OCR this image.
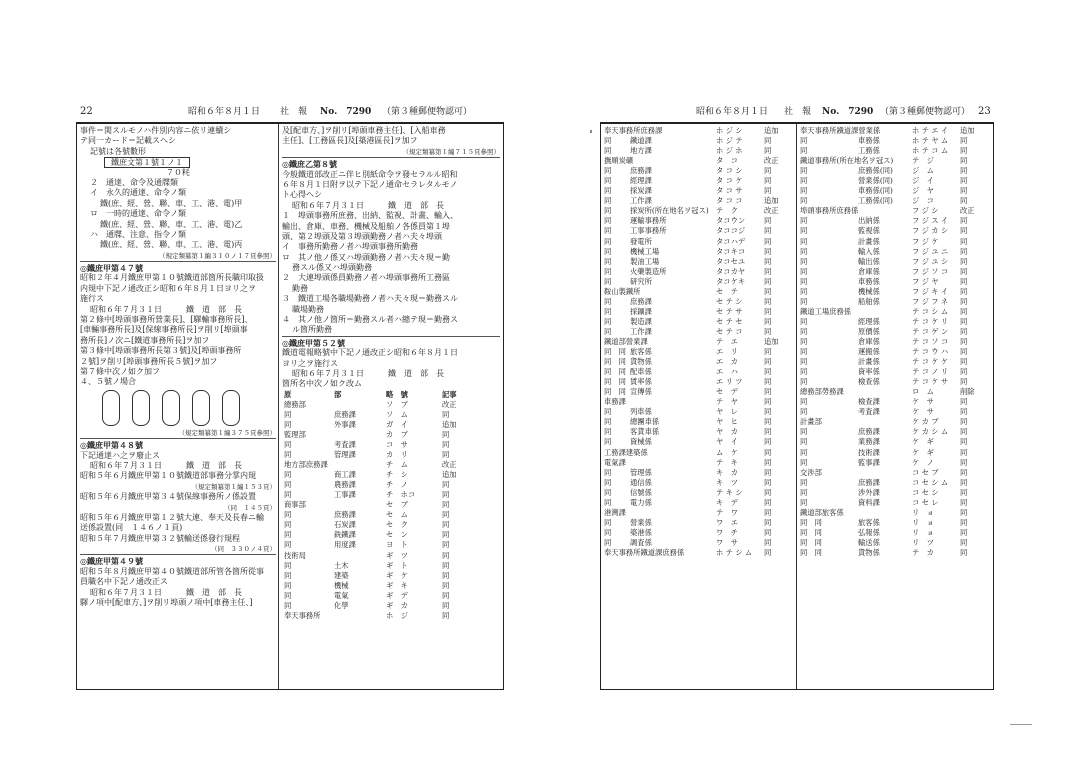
22	昭和６年８月１日 社　報 No.　7290 （第３種郵便物認可）
事件＝関スルモノハ件別内容ニ依リ連續シ
テ同一カード＝記載スヘシ
記號は各號數形
鐵庶文第１號１ノ１
７０粍
２　通達、命令及通牒類
イ　永久的通達、命令ノ類
鐵(庶、經、營、聯、車、工、港、電)甲
ロ　一時的通達、命令ノ類
鐵(庶、經、營、聯、車、工、港、電)乙
ハ　通牒、注意、指令ノ類
鐵(庶、經、營、聯、車、工、港、電)丙
（規定類纂第１編３１０ノ１７頁參照）
◎鐵庶甲第４７號
昭和２年４月鐵庶甲第１０號鐵道部箇所長職印取扱
内規中下記ノ通改正シ昭和６年８月１日ヨリ之ヲ
施行ス
昭和６年７月３１日　　　鐵　道　部　長
第２條中[埠頭事務所營業長]、[驛輸事務所長]、
[車輛事務所長]及[保線事務所長]ヲ削リ[埠頭事
務所長]ノ次ニ[鐵道事務所長]ヲ加フ
第３條中[埠頭事務所長第３號]及[埠頭事務所
２號]ヲ削リ[埠頭事務所長５號]ヲ加フ
第７條中次ノ如ク加フ
４、５號ノ場合
（規定類纂第１編３７５頁參照）
◎鐵庶甲第４８號
下記通達ハ之ヲ廢止ス
昭和６年７月３１日　　　鐵　道　部　長
昭和５年６月鐵庶甲第１０號鐵道部事務分掌内規
（規定類纂第１編１５３頁）
昭和５年６月鐵庶甲第３４號保線事務所ノ係設置
（同　１４５頁）
昭和５年６月鐵庶甲第１２號大連、奉天及長春ニ輸
送係設置(同　１４６ノ１頁)
昭和５年７月鐵庶甲第３２號輸送係發行規程
（同　３３０ノ４頁）
◎鐵庶甲第４９號
昭和５年８月鐵庶甲第４０號鐵道部所管各箇所從事
員職名中下記ノ通改正ス
昭和６年７月３１日　　　鐵　道　部　長
驛ノ項中[配車方、]ヲ削リ埠頭ノ項中[車務主任、]
及[配車方、]ヲ削リ[埠頭車務主任]、[入船車務
主任]、[工務區長]及[築港區長]ヲ加フ
（規定類纂第１編７１５頁參照）
◎鐵庶乙第８號
今般鐵道部改正ニ伴ヒ別紙命令ヲ發セラルル昭和
６年８月１日附ヲ以テ下記ノ通命セラレタルモノ
ト心得ヘシ
昭和６年７月３１日　　　鐵　道　部　長
１　埠頭事務所庶務、出納、監視、計畫、輸入、
輸出、倉庫、車務、機械及船舶ノ各係員第１埠
頭、第２埠頭及第３埠頭勤務ノ者ハ夫々埠頭
イ　事務所勤務ノ者ハ埠頭事務所勤務
ロ　其ノ他ノ係又ハ埠頭勤務ノ者ハ夫々現＝勤
務スル係又ハ埠頭勤務
２　大連埠頭係員勤務ノ者ハ埠頭事務所工務區
勤務
３　鐵道工場各職場勤務ノ者ハ夫々現＝勤務スル
職場勤務
４　其ノ他ノ箇所＝勤務スル者ハ總テ現＝勤務ス
ル箇所勤務
◎鐵庶甲第５２號
鐵道電報略號中下記ノ通改正シ昭和６年８月１日
ヨリ之ヲ施行ス
昭和６年７月３１日　　　鐵　道　部　長
箇所名中次ノ如ク改ム
原	部	略　號	記事
總務部	ソ　ブ	改正
同	庶務課	ソ　ム	同
同	外事課	ガ　イ	追加
監理部	カ　ブ	同
同	考査課	コ　サ	同
同	管理課	カ　リ	同
地方部庶務課	チ　ム	改正
同	商工課	チ　シ	追加
同	農務課	チ　ノ	同
同	工事課	チ　ホコ	同
商事部	セ　ブ	同
同	庶務課	セ　ム	同
同	石炭課	セ　ク	同
同	銑鐵課	セ　ン	同
同	用度課	ヨ　ト	同
技術局	ギ　ツ	同
同	土木	ギ　ト	同
同	建築	ギ　ケ	同
同	機械	ギ　キ	同
同	電氣	ギ　デ	同
同	化學	ギ　カ	同
奉天事務所	ホ　ジ	同
昭和６年８月１日 社　報 No.　7290 （第３種郵便物認可） 23
奉天事務所庶務課	ホ ジ シ	追加
同	鐵道課	ホ ジ テ	同
同	地方課	ホ ジ ホ	同
撫順炭礦	タ　コ	改正
同	庶務課	タ コ シ	同
同	經理課	タ コ ケ	同
同	採炭課	タ コ サ	同
同	工作課	タ コ コ	追加
同	採炭所(所在地名ヲ冠ス) テ　ク	改正
同	運輸事務所	タコウン	同
同	工事事務所	タココジ	同
同	發電所	タコハデ	同
同	機械工場	タコキコ	同
同	製油工場	タコセユ	同
同	火藥製造所	タコカヤ	同
同	研究所	タコケキ	同
鞍山製鐵所	セ　テ	同
同	庶務課	セ テ シ	同
同	採鑛課	セ テ サ	同
同	製造課	セ テ セ	同
同	工作課	セ テ コ	同
鐵道部營業課	テ　エ	追加
同　同 旅客係	エ　リ	同
同　同 貨物係	エ　カ	同
同　同 配車係	エ　ハ	同
同　同 賃率係	エ リ ツ	同
同　同 宣傳係	セ　デ	同
車務課	テ　ヤ	同
同	列車係	ヤ　レ	同
同	總團車係	ヤ　ヒ	同
同	客貨車係	ヤ　カ	同
同	資械係	ヤ　イ	同
工務課建築係	ム　ケ	同
電氣課	テ　キ	同
同	管理係	キ　カ	同
同	通信係	キ　ツ	同
同	信號係	テ キ シ	同
同	電力係	キ　デ	同
港灣課	テ　ワ	同
同	營業係	ワ　エ	同
同	築港係	ワ　チ	同
同	調査係	ワ　サ	同
奉天事務所鐵道課庶務係	ホ テ シ ム 同
奉天事務所鐵道課營業係	ホ テ エ イ 追加
同	車務係	ホ テ ヤ ム 同
同	工務係	ホ テ コ ム 同
鐵道事務所(所在地名ヲ冠ス)	テ　ジ	同
同	庶務係(同)	ジ　ム	同
同	營業係(同)	ジ　イ	同
同	車務係(同)	ジ　ヤ	同
同	工務係(同)	ジ　コ	同
埠頭事務所庶務係	フ ジ シ	改正
同	出納係	フ ジ ス イ 同
同	監視係	フ ジ カ シ 同
同	計畫係	フ ジ ケ	同
同	輸入係	フ ジ ユ ニ 同
同	輸出係	フ ジ ユ シ 同
同	倉庫係	フ ジ ソ コ 同
同	車務係	フ ジ ヤ	同
同	機械係	フ ジ キ イ 同
同	船舶係	フ ジ フ ネ 同
鐵道工場庶務係	テ コ シ ム 同
同	經理係	テ コ ケ リ 同
同	原價係	テ コ ゲ ン 同
同	倉庫係	テ コ ソ コ 同
同	運搬係	テ コ ウ ハ 同
同	計畫係	テ コ ケ ケ 同
同	資率係	テ コ ノ リ 同
同	檢查係	テ コ ケ サ 同
總務部勞務課	ロ　ム	削除
同	檢查課	ケ　サ	同
同	考査課	ケ　サ	同
計畫部	ケ カ ブ	同
同	庶務課	ケ カ シ ム 同
同	業務課	ケ　ギ	同
同	技術課	ケ　ギ	同
同	監事課	ケ　ノ	同
交渉部	コ セ ブ	同
同	庶務課	コ セ シ ム 同
同	涉外課	コ セ シ	同
同	資料課	コ セ レ	同
鐵道部旅客係	リ　ョ	同
同　同	旅客係	リ　ョ	同
同　同	弘報係	リ　ョ	同
同　同	輸送係	リ　ツ	同
同　同	貨物係	テ　カ	同
